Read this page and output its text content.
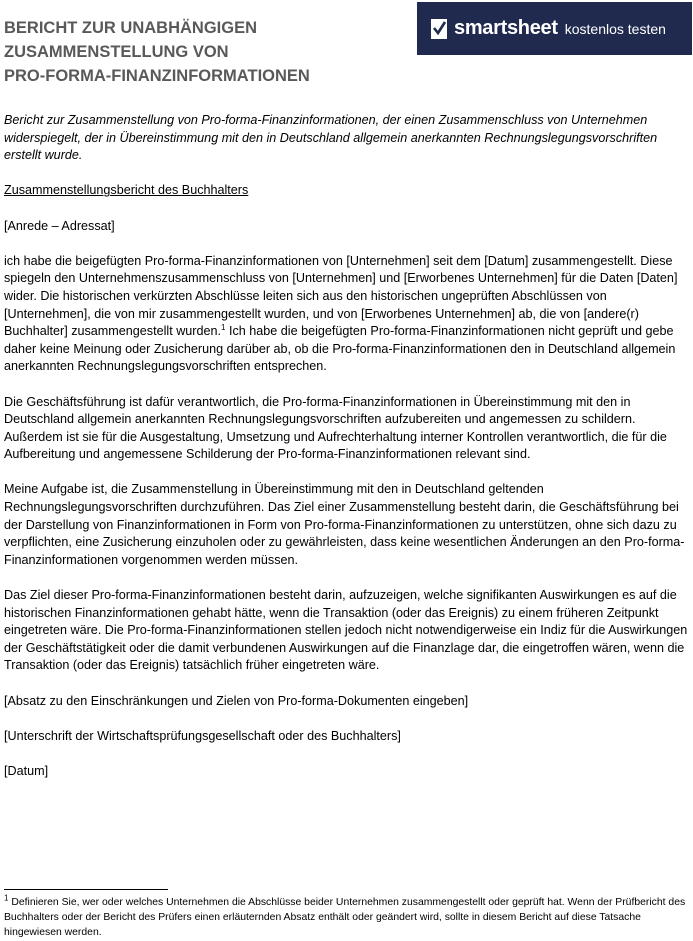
BERICHT ZUR UNABHÄNGIGEN
ZUSAMMENSTELLUNG VON
PRO-FORMA-FINANZINFORMATIONEN
smartsheet kostenlos testen

Bericht zur Zusammenstellung von Pro-forma-Finanzinformationen, der einen Zusammenschluss von Unternehmen widerspiegelt, der in Übereinstimmung mit den in Deutschland allgemein anerkannten Rechnungslegungsvorschriften erstellt wurde.

Zusammenstellungsbericht des Buchhalters

[Anrede – Adressat]

ich habe die beigefügten Pro-forma-Finanzinformationen von [Unternehmen] seit dem [Datum] zusammengestellt. Diese spiegeln den Unternehmenszusammenschluss von [Unternehmen] und [Erworbenes Unternehmen] für die Daten [Daten] wider. Die historischen verkürzten Abschlüsse leiten sich aus den historischen ungeprüften Abschlüssen von [Unternehmen], die von mir zusammengestellt wurden, und von [Erworbenes Unternehmen] ab, die von [andere(r) Buchhalter] zusammengestellt wurden.$^1$ Ich habe die beigefügten Pro-forma-Finanzinformationen nicht geprüft und gebe daher keine Meinung oder Zusicherung darüber ab, ob die Pro-forma-Finanzinformationen den in Deutschland allgemein anerkannten Rechnungslegungsvorschriften entsprechen.

Die Geschäftsführung ist dafür verantwortlich, die Pro-forma-Finanzinformationen in Übereinstimmung mit den in Deutschland allgemein anerkannten Rechnungslegungsvorschriften aufzubereiten und angemessen zu schildern. Außerdem ist sie für die Ausgestaltung, Umsetzung und Aufrechterhaltung interner Kontrollen verantwortlich, die für die Aufbereitung und angemessene Schilderung der Pro-forma-Finanzinformationen relevant sind.

Meine Aufgabe ist, die Zusammenstellung in Übereinstimmung mit den in Deutschland geltenden Rechnungslegungsvorschriften durchzuführen. Das Ziel einer Zusammenstellung besteht darin, die Geschäftsführung bei der Darstellung von Finanzinformationen in Form von Pro-forma-Finanzinformationen zu unterstützen, ohne sich dazu zu verpflichten, eine Zusicherung einzuholen oder zu gewährleisten, dass keine wesentlichen Änderungen an den Pro-forma-Finanzinformationen vorgenommen werden müssen.

Das Ziel dieser Pro-forma-Finanzinformationen besteht darin, aufzuzeigen, welche signifikanten Auswirkungen es auf die historischen Finanzinformationen gehabt hätte, wenn die Transaktion (oder das Ereignis) zu einem früheren Zeitpunkt eingetreten wäre. Die Pro-forma-Finanzinformationen stellen jedoch nicht notwendigerweise ein Indiz für die Auswirkungen der Geschäftstätigkeit oder die damit verbundenen Auswirkungen auf die Finanzlage dar, die eingetroffen wären, wenn die Transaktion (oder das Ereignis) tatsächlich früher eingetreten wäre.

[Absatz zu den Einschränkungen und Zielen von Pro-forma-Dokumenten eingeben]

[Unterschrift der Wirtschaftsprüfungsgesellschaft oder des Buchhalters]

[Datum]

$^1$ Definieren Sie, wer oder welches Unternehmen die Abschlüsse beider Unternehmen zusammengestellt oder geprüft hat. Wenn der Prüfbericht des Buchhalters oder der Bericht des Prüfers einen erläuternden Absatz enthält oder geändert wird, sollte in diesem Bericht auf diese Tatsache hingewiesen werden.
